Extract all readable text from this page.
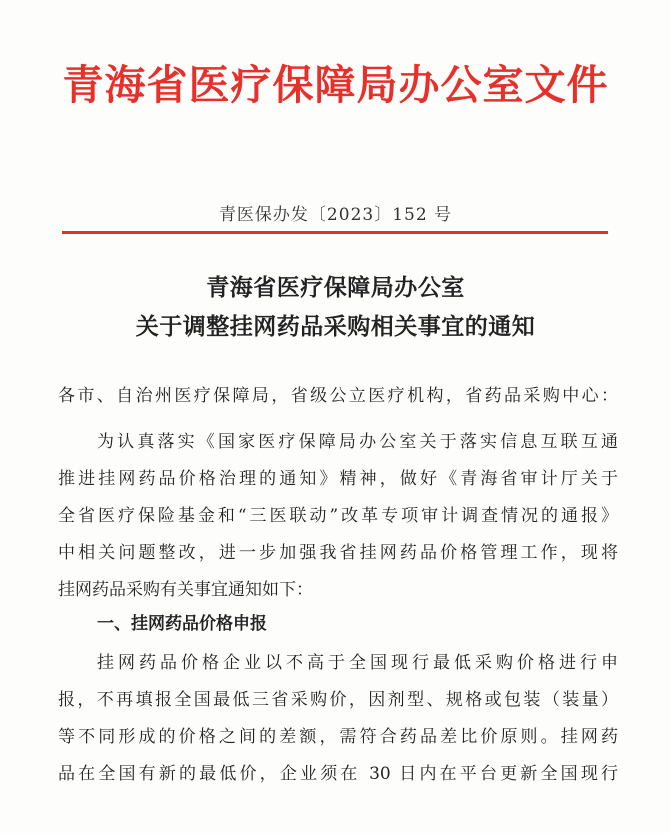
青海省医疗保障局办公室文件
青医保办发〔2023〕152 号
青海省医疗保障局办公室
关于调整挂网药品采购相关事宜的通知
各市、自治州医疗保障局，省级公立医疗机构，省药品采购中心：
为认真落实《国家医疗保障局办公室关于落实信息互联互通
推进挂网药品价格治理的通知》精神，做好《青海省审计厅关于
全省医疗保险基金和“三医联动”改革专项审计调查情况的通报》
中相关问题整改，进一步加强我省挂网药品价格管理工作，现将
挂网药品采购有关事宜通知如下：
一、挂网药品价格申报
挂网药品价格企业以不高于全国现行最低采购价格进行申
报，不再填报全国最低三省采购价，因剂型、规格或包装（装量）
等不同形成的价格之间的差额，需符合药品差比价原则。挂网药
品在全国有新的最低价，企业须在 30 日内在平台更新全国现行
